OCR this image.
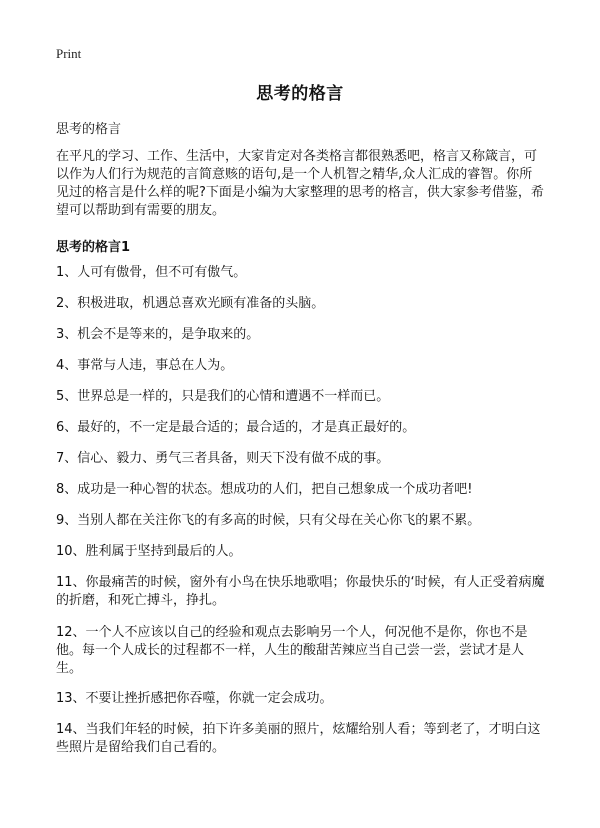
Print
思考的格言
思考的格言

在平凡的学习、工作、生活中，大家肯定对各类格言都很熟悉吧，格言又称箴言，可以作为人们行为规范的言简意赅的语句,是一个人机智之精华,众人汇成的睿智。你所见过的格言是什么样的呢?下面是小编为大家整理的思考的格言，供大家参考借鉴，希望可以帮助到有需要的朋友。

思考的格言1
1、人可有傲骨，但不可有傲气。
2、积极进取，机遇总喜欢光顾有准备的头脑。
3、机会不是等来的，是争取来的。
4、事常与人违，事总在人为。
5、世界总是一样的，只是我们的心情和遭遇不一样而已。
6、最好的，不一定是最合适的；最合适的，才是真正最好的。
7、信心、毅力、勇气三者具备，则天下没有做不成的事。
8、成功是一种心智的状态。想成功的人们，把自己想象成一个成功者吧!
9、当别人都在关注你飞的有多高的时候，只有父母在关心你飞的累不累。
10、胜利属于坚持到最后的人。
11、你最痛苦的时候，窗外有小鸟在快乐地歌唱；你最快乐的‘时候，有人正受着病魔的折磨，和死亡搏斗，挣扎。
12、一个人不应该以自己的经验和观点去影响另一个人，何况他不是你，你也不是他。每一个人成长的过程都不一样，人生的酸甜苦辣应当自己尝一尝，尝试才是人生。
13、不要让挫折感把你吞噬，你就一定会成功。
14、当我们年轻的时候，拍下许多美丽的照片，炫耀给别人看；等到老了，才明白这些照片是留给我们自己看的。
